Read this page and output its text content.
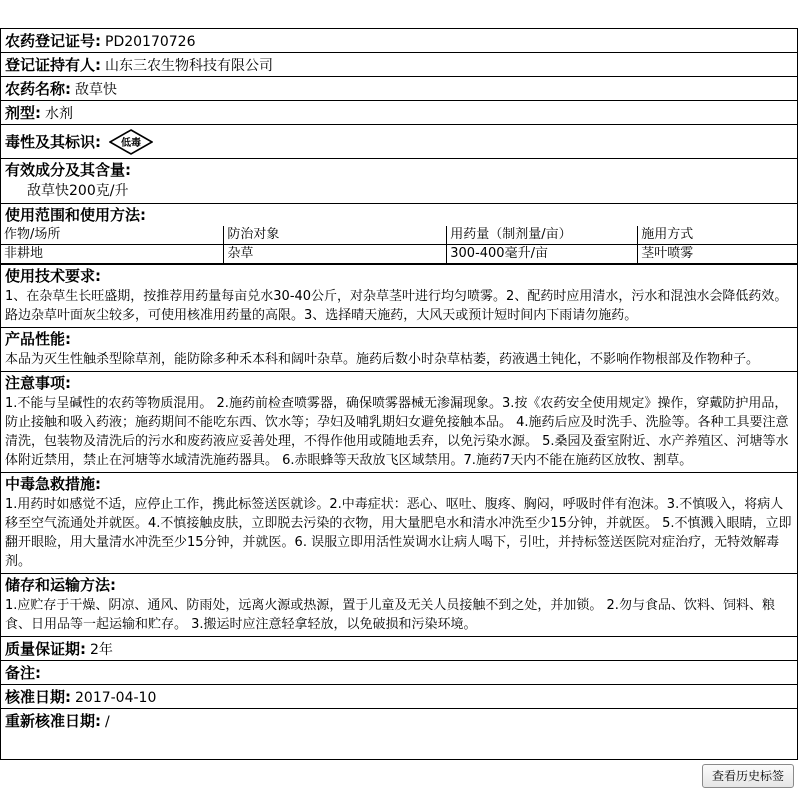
农药登记证号: PD20170726
登记证持有人: 山东三农生物科技有限公司
农药名称: 敌草快
剂型: 水剂
毒性及其标识: 低毒
有效成分及其含量:
敌草快200克/升
使用范围和使用方法:
作物/场所	防治对象	用药量（制剂量/亩）	施用方式
非耕地	杂草	300-400毫升/亩	茎叶喷雾
使用技术要求:
1、在杂草生长旺盛期，按推荐用药量每亩兑水30-40公斤，对杂草茎叶进行均匀喷雾。2、配药时应用清水，污水和混浊水会降低药效。路边杂草叶面灰尘较多，可使用核准用药量的高限。3、选择晴天施药，大风天或预计短时间内下雨请勿施药。
产品性能:
本品为灭生性触杀型除草剂，能防除多种禾本科和阔叶杂草。施药后数小时杂草枯萎，药液遇土钝化，不影响作物根部及作物种子。
注意事项:
1.不能与呈碱性的农药等物质混用。 2.施药前检查喷雾器，确保喷雾器械无渗漏现象。3.按《农药安全使用规定》操作，穿戴防护用品，防止接触和吸入药液；施药期间不能吃东西、饮水等；孕妇及哺乳期妇女避免接触本品。 4.施药后应及时洗手、洗脸等。各种工具要注意清洗，包装物及清洗后的污水和废药液应妥善处理，不得作他用或随地丢弃，以免污染水源。 5.桑园及蚕室附近、水产养殖区、河塘等水体附近禁用，禁止在河塘等水域清洗施药器具。 6.赤眼蜂等天敌放飞区域禁用。7.施药7天内不能在施药区放牧、割草。
中毒急救措施:
1.用药时如感觉不适，应停止工作，携此标签送医就诊。2.中毒症状：恶心、呕吐、腹疼、胸闷，呼吸时伴有泡沫。3.不慎吸入，将病人移至空气流通处并就医。4.不慎接触皮肤，立即脱去污染的衣物，用大量肥皂水和清水冲洗至少15分钟，并就医。 5.不慎溅入眼睛，立即翻开眼睑，用大量清水冲洗至少15分钟，并就医。6. 误服立即用活性炭调水让病人喝下，引吐，并持标签送医院对症治疗，无特效解毒剂。
储存和运输方法:
1.应贮存于干燥、阴凉、通风、防雨处，远离火源或热源，置于儿童及无关人员接触不到之处，并加锁。 2.勿与食品、饮料、饲料、粮食、日用品等一起运输和贮存。 3.搬运时应注意轻拿轻放，以免破损和污染环境。
质量保证期: 2年
备注:
核准日期: 2017-04-10
重新核准日期: /
查看历史标签
